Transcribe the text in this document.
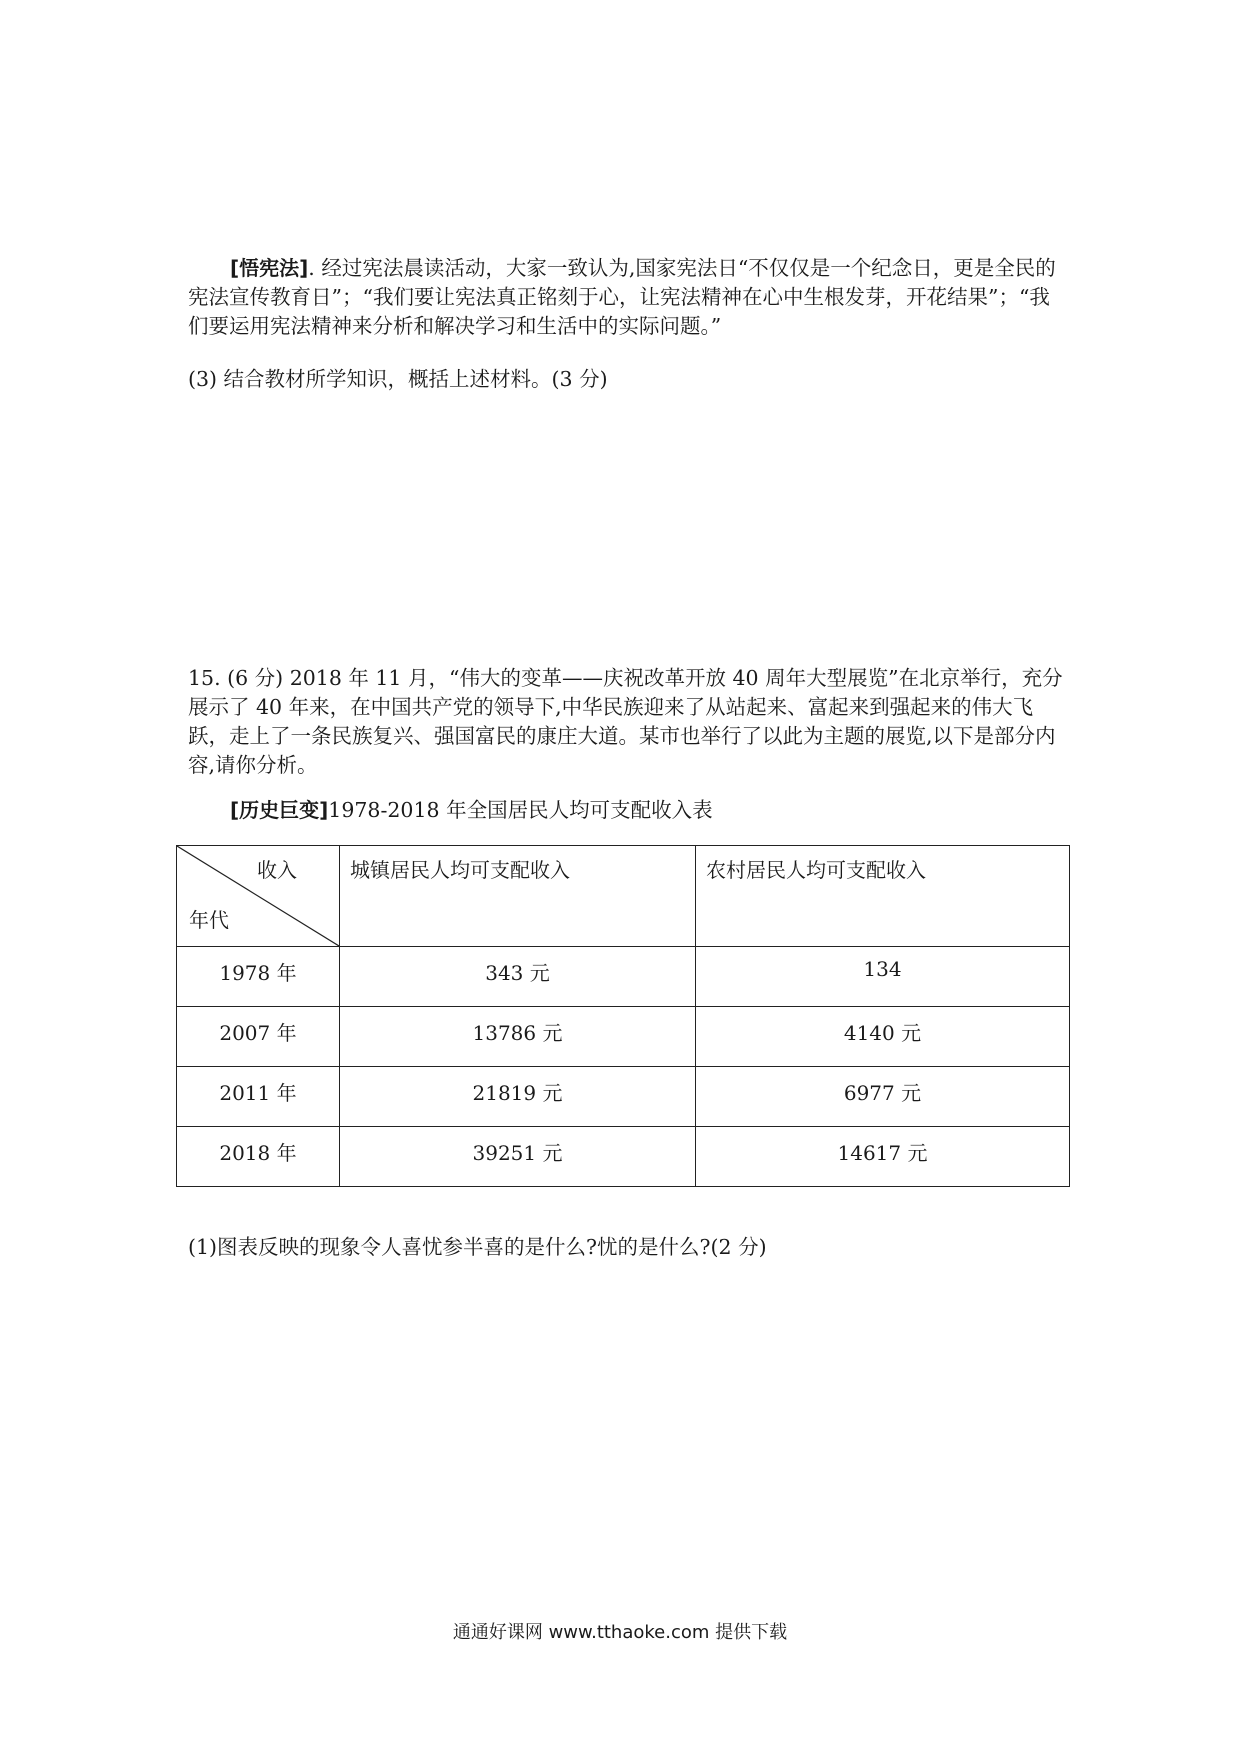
[悟宪法]. 经过宪法晨读活动，大家一致认为,国家宪法日“不仅仅是一个纪念日，更是全民的宪法宣传教育日”；“我们要让宪法真正铭刻于心，让宪法精神在心中生根发芽，开花结果”；“我们要运用宪法精神来分析和解决学习和生活中的实际问题。”
(3) 结合教材所学知识，概括上述材料。(3 分)
15. (6 分) 2018 年 11 月，“伟大的变革——庆祝改革开放 40 周年大型展览”在北京举行，充分展示了 40 年来，在中国共产党的领导下,中华民族迎来了从站起来、富起来到强起来的伟大飞跃，走上了一条民族复兴、强国富民的康庄大道。某市也举行了以此为主题的展览,以下是部分内容,请你分析。
[历史巨变]1978-2018 年全国居民人均可支配收入表
收入
年代	城镇居民人均可支配收入	农村居民人均可支配收入
1978 年	343 元	134
2007 年	13786 元	4140 元
2011 年	21819 元	6977 元
2018 年	39251 元	14617 元
(1)图表反映的现象令人喜忧参半喜的是什么?忧的是什么?(2 分)
通通好课网 www.tthaoke.com 提供下载
